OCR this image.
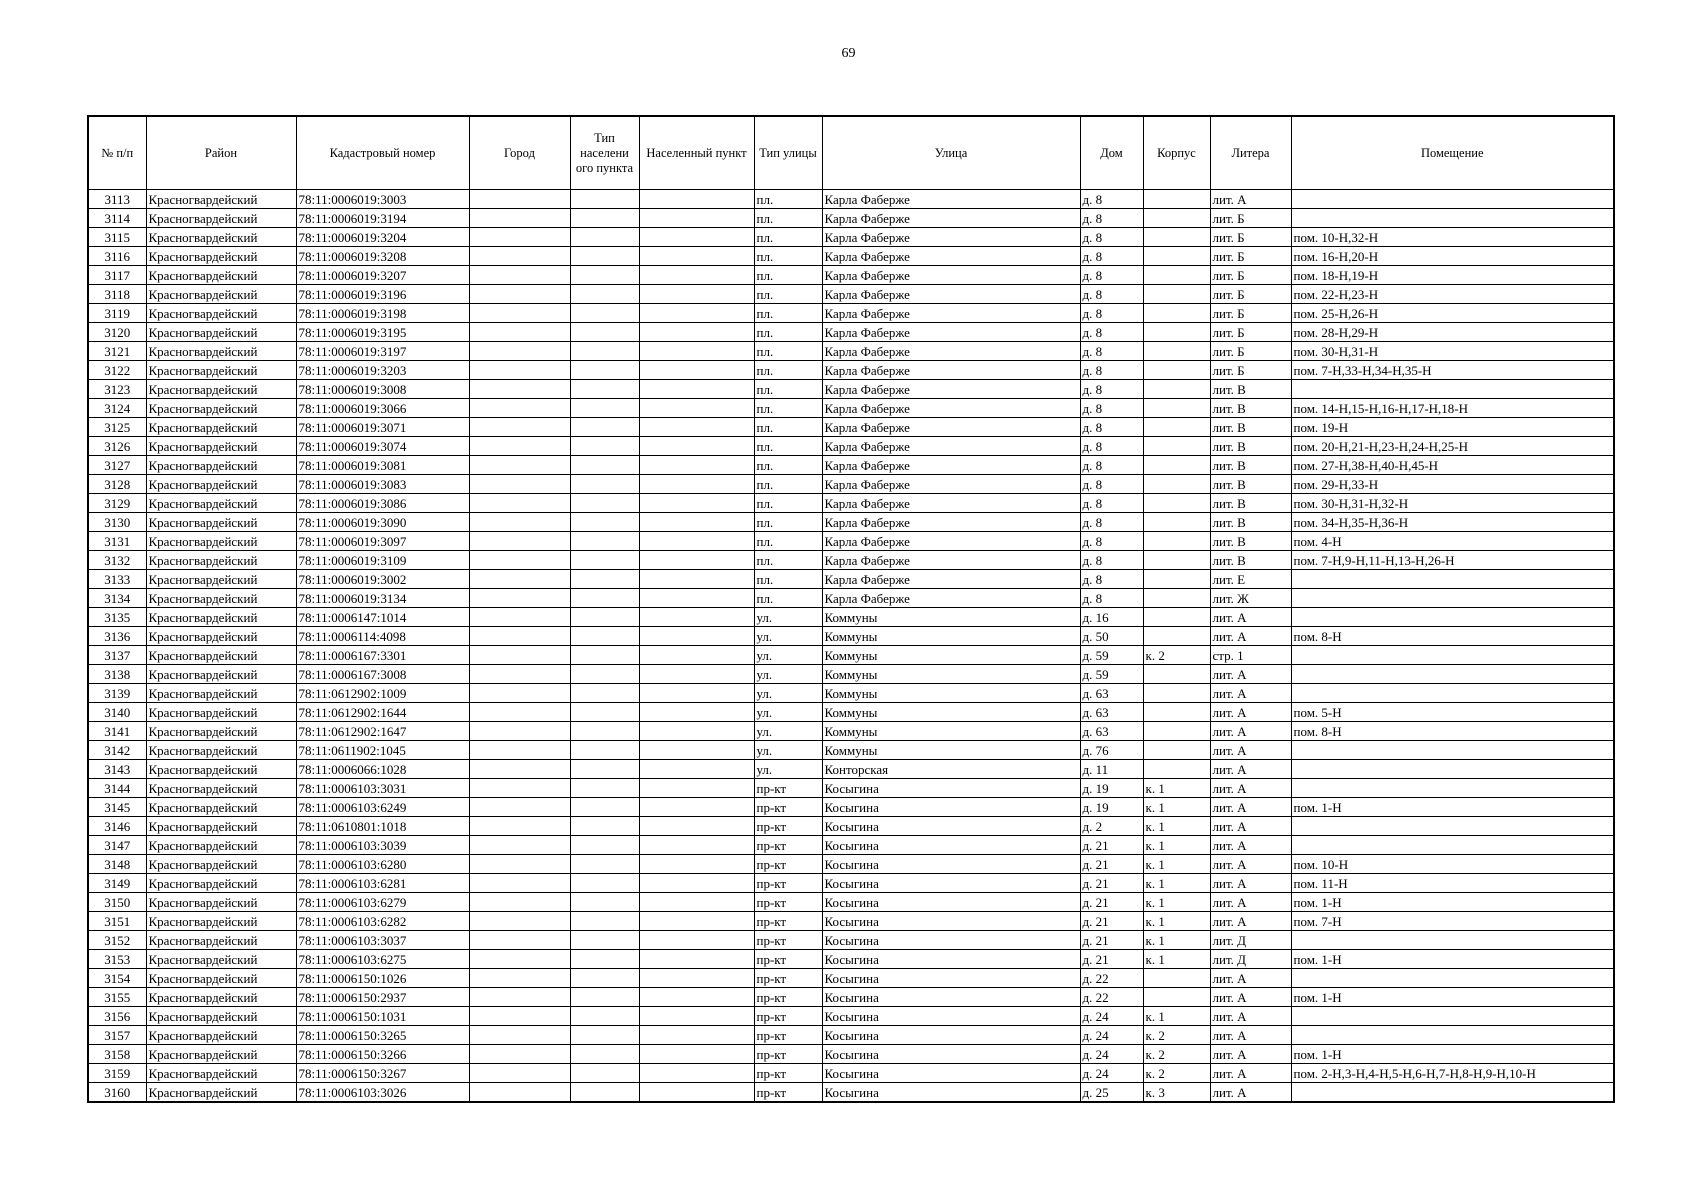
69
№ п/п	Район	Кадастровый номер	Город	Тип населени ого пункта	Населенный пункт	Тип улицы	Улица	Дом	Корпус	Литера	Помещение
3113	Красногвардейский	78:11:0006019:3003				пл.	Карла Фаберже	д. 8		лит. А	
3114	Красногвардейский	78:11:0006019:3194				пл.	Карла Фаберже	д. 8		лит. Б	
3115	Красногвардейский	78:11:0006019:3204				пл.	Карла Фаберже	д. 8		лит. Б	пом. 10-Н,32-Н
3116	Красногвардейский	78:11:0006019:3208				пл.	Карла Фаберже	д. 8		лит. Б	пом. 16-Н,20-Н
3117	Красногвардейский	78:11:0006019:3207				пл.	Карла Фаберже	д. 8		лит. Б	пом. 18-Н,19-Н
3118	Красногвардейский	78:11:0006019:3196				пл.	Карла Фаберже	д. 8		лит. Б	пом. 22-Н,23-Н
3119	Красногвардейский	78:11:0006019:3198				пл.	Карла Фаберже	д. 8		лит. Б	пом. 25-Н,26-Н
3120	Красногвардейский	78:11:0006019:3195				пл.	Карла Фаберже	д. 8		лит. Б	пом. 28-Н,29-Н
3121	Красногвардейский	78:11:0006019:3197				пл.	Карла Фаберже	д. 8		лит. Б	пом. 30-Н,31-Н
3122	Красногвардейский	78:11:0006019:3203				пл.	Карла Фаберже	д. 8		лит. Б	пом. 7-Н,33-Н,34-Н,35-Н
3123	Красногвардейский	78:11:0006019:3008				пл.	Карла Фаберже	д. 8		лит. В	
3124	Красногвардейский	78:11:0006019:3066				пл.	Карла Фаберже	д. 8		лит. В	пом. 14-Н,15-Н,16-Н,17-Н,18-Н
3125	Красногвардейский	78:11:0006019:3071				пл.	Карла Фаберже	д. 8		лит. В	пом. 19-Н
3126	Красногвардейский	78:11:0006019:3074				пл.	Карла Фаберже	д. 8		лит. В	пом. 20-Н,21-Н,23-Н,24-Н,25-Н
3127	Красногвардейский	78:11:0006019:3081				пл.	Карла Фаберже	д. 8		лит. В	пом. 27-Н,38-Н,40-Н,45-Н
3128	Красногвардейский	78:11:0006019:3083				пл.	Карла Фаберже	д. 8		лит. В	пом. 29-Н,33-Н
3129	Красногвардейский	78:11:0006019:3086				пл.	Карла Фаберже	д. 8		лит. В	пом. 30-Н,31-Н,32-Н
3130	Красногвардейский	78:11:0006019:3090				пл.	Карла Фаберже	д. 8		лит. В	пом. 34-Н,35-Н,36-Н
3131	Красногвардейский	78:11:0006019:3097				пл.	Карла Фаберже	д. 8		лит. В	пом. 4-Н
3132	Красногвардейский	78:11:0006019:3109				пл.	Карла Фаберже	д. 8		лит. В	пом. 7-Н,9-Н,11-Н,13-Н,26-Н
3133	Красногвардейский	78:11:0006019:3002				пл.	Карла Фаберже	д. 8		лит. Е	
3134	Красногвардейский	78:11:0006019:3134				пл.	Карла Фаберже	д. 8		лит. Ж	
3135	Красногвардейский	78:11:0006147:1014				ул.	Коммуны	д. 16		лит. А	
3136	Красногвардейский	78:11:0006114:4098				ул.	Коммуны	д. 50		лит. А	пом. 8-Н
3137	Красногвардейский	78:11:0006167:3301				ул.	Коммуны	д. 59	к. 2	стр. 1	
3138	Красногвардейский	78:11:0006167:3008				ул.	Коммуны	д. 59		лит. А	
3139	Красногвардейский	78:11:0612902:1009				ул.	Коммуны	д. 63		лит. А	
3140	Красногвардейский	78:11:0612902:1644				ул.	Коммуны	д. 63		лит. А	пом. 5-Н
3141	Красногвардейский	78:11:0612902:1647				ул.	Коммуны	д. 63		лит. А	пом. 8-Н
3142	Красногвардейский	78:11:0611902:1045				ул.	Коммуны	д. 76		лит. А	
3143	Красногвардейский	78:11:0006066:1028				ул.	Конторская	д. 11		лит. А	
3144	Красногвардейский	78:11:0006103:3031				пр-кт	Косыгина	д. 19	к. 1	лит. А	
3145	Красногвардейский	78:11:0006103:6249				пр-кт	Косыгина	д. 19	к. 1	лит. А	пом. 1-Н
3146	Красногвардейский	78:11:0610801:1018				пр-кт	Косыгина	д. 2	к. 1	лит. А	
3147	Красногвардейский	78:11:0006103:3039				пр-кт	Косыгина	д. 21	к. 1	лит. А	
3148	Красногвардейский	78:11:0006103:6280				пр-кт	Косыгина	д. 21	к. 1	лит. А	пом. 10-Н
3149	Красногвардейский	78:11:0006103:6281				пр-кт	Косыгина	д. 21	к. 1	лит. А	пом. 11-Н
3150	Красногвардейский	78:11:0006103:6279				пр-кт	Косыгина	д. 21	к. 1	лит. А	пом. 1-Н
3151	Красногвардейский	78:11:0006103:6282				пр-кт	Косыгина	д. 21	к. 1	лит. А	пом. 7-Н
3152	Красногвардейский	78:11:0006103:3037				пр-кт	Косыгина	д. 21	к. 1	лит. Д	
3153	Красногвардейский	78:11:0006103:6275				пр-кт	Косыгина	д. 21	к. 1	лит. Д	пом. 1-Н
3154	Красногвардейский	78:11:0006150:1026				пр-кт	Косыгина	д. 22		лит. А	
3155	Красногвардейский	78:11:0006150:2937				пр-кт	Косыгина	д. 22		лит. А	пом. 1-Н
3156	Красногвардейский	78:11:0006150:1031				пр-кт	Косыгина	д. 24	к. 1	лит. А	
3157	Красногвардейский	78:11:0006150:3265				пр-кт	Косыгина	д. 24	к. 2	лит. А	
3158	Красногвардейский	78:11:0006150:3266				пр-кт	Косыгина	д. 24	к. 2	лит. А	пом. 1-Н
3159	Красногвардейский	78:11:0006150:3267				пр-кт	Косыгина	д. 24	к. 2	лит. А	пом. 2-Н,3-Н,4-Н,5-Н,6-Н,7-Н,8-Н,9-Н,10-Н
3160	Красногвардейский	78:11:0006103:3026				пр-кт	Косыгина	д. 25	к. 3	лит. А	
